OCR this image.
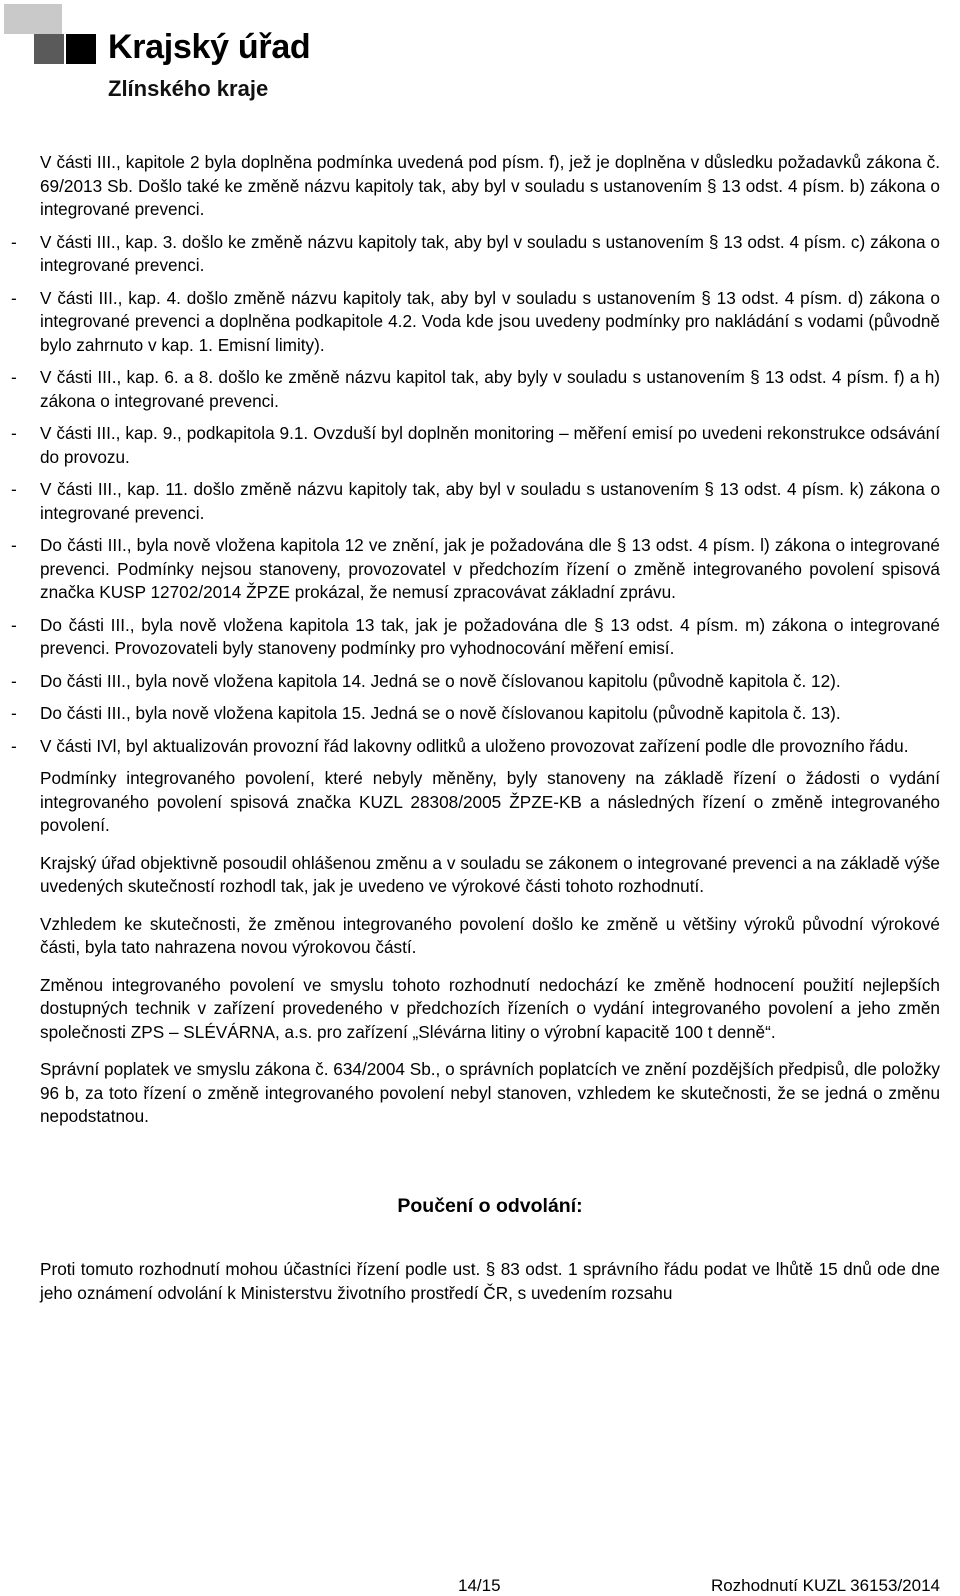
Krajský úřad
Zlínského kraje

V části III., kapitole 2 byla doplněna podmínka uvedená pod písm. f), jež je doplněna v důsledku požadavků zákona č. 69/2013 Sb. Došlo také ke změně názvu kapitoly tak, aby byl v souladu s ustanovením § 13 odst. 4 písm. b) zákona o integrované prevenci.

- V části III., kap. 3. došlo ke změně názvu kapitoly tak, aby byl v souladu s ustanovením § 13 odst. 4 písm. c) zákona o integrované prevenci.
- V části III., kap. 4. došlo změně názvu kapitoly tak, aby byl v souladu s ustanovením § 13 odst. 4 písm. d) zákona o integrované prevenci a doplněna podkapitole 4.2. Voda kde jsou uvedeny podmínky pro nakládání s vodami (původně bylo zahrnuto v kap. 1. Emisní limity).
- V části III., kap. 6. a 8. došlo ke změně názvu kapitol tak, aby byly v souladu s ustanovením § 13 odst. 4 písm. f) a h) zákona o integrované prevenci.
- V části III., kap. 9., podkapitola 9.1. Ovzduší byl doplněn monitoring – měření emisí po uvedeni rekonstrukce odsávání do provozu.
- V části III., kap. 11. došlo změně názvu kapitoly tak, aby byl v souladu s ustanovením § 13 odst. 4 písm. k) zákona o integrované prevenci.
- Do části III., byla nově vložena kapitola 12 ve znění, jak je požadována dle § 13 odst. 4 písm. l) zákona o integrované prevenci. Podmínky nejsou stanoveny, provozovatel v předchozím řízení o změně integrovaného povolení spisová značka KUSP 12702/2014 ŽPZE prokázal, že nemusí zpracovávat základní zprávu.
- Do části III., byla nově vložena kapitola 13 tak, jak je požadována dle § 13 odst. 4 písm. m) zákona o integrované prevenci. Provozovateli byly stanoveny podmínky pro vyhodnocování měření emisí.
- Do části III., byla nově vložena kapitola 14. Jedná se o nově číslovanou kapitolu (původně kapitola č. 12).
- Do části III., byla nově vložena kapitola 15. Jedná se o nově číslovanou kapitolu (původně kapitola č. 13).
- V části IVl, byl aktualizován provozní řád lakovny odlitků a uloženo provozovat zařízení podle dle provozního řádu.

Podmínky integrovaného povolení, které nebyly měněny, byly stanoveny na základě řízení o žádosti o vydání integrovaného povolení spisová značka KUZL 28308/2005 ŽPZE-KB a následných řízení o změně integrovaného povolení.

Krajský úřad objektivně posoudil ohlášenou změnu a v souladu se zákonem o integrované prevenci a na základě výše uvedených skutečností rozhodl tak, jak je uvedeno ve výrokové části tohoto rozhodnutí.

Vzhledem ke skutečnosti, že změnou integrovaného povolení došlo ke změně u většiny výroků původní výrokové části, byla tato nahrazena novou výrokovou částí.

Změnou integrovaného povolení ve smyslu tohoto rozhodnutí nedochází ke změně hodnocení použití nejlepších dostupných technik v zařízení provedeného v předchozích řízeních o vydání integrovaného povolení a jeho změn společnosti ZPS – SLÉVÁRNA, a.s. pro zařízení „Slévárna litiny o výrobní kapacitě 100 t denně“.

Správní poplatek ve smyslu zákona č. 634/2004 Sb., o správních poplatcích ve znění pozdějších předpisů, dle položky 96 b, za toto řízení o změně integrovaného povolení nebyl stanoven, vzhledem ke skutečnosti, že se jedná o změnu nepodstatnou.

Poučení o odvolání:

Proti tomuto rozhodnutí mohou účastníci řízení podle ust. § 83 odst. 1 správního řádu podat ve lhůtě 15 dnů ode dne jeho oznámení odvolání k Ministerstvu životního prostředí ČR, s uvedením rozsahu

14/15	Rozhodnutí KUZL 36153/2014
